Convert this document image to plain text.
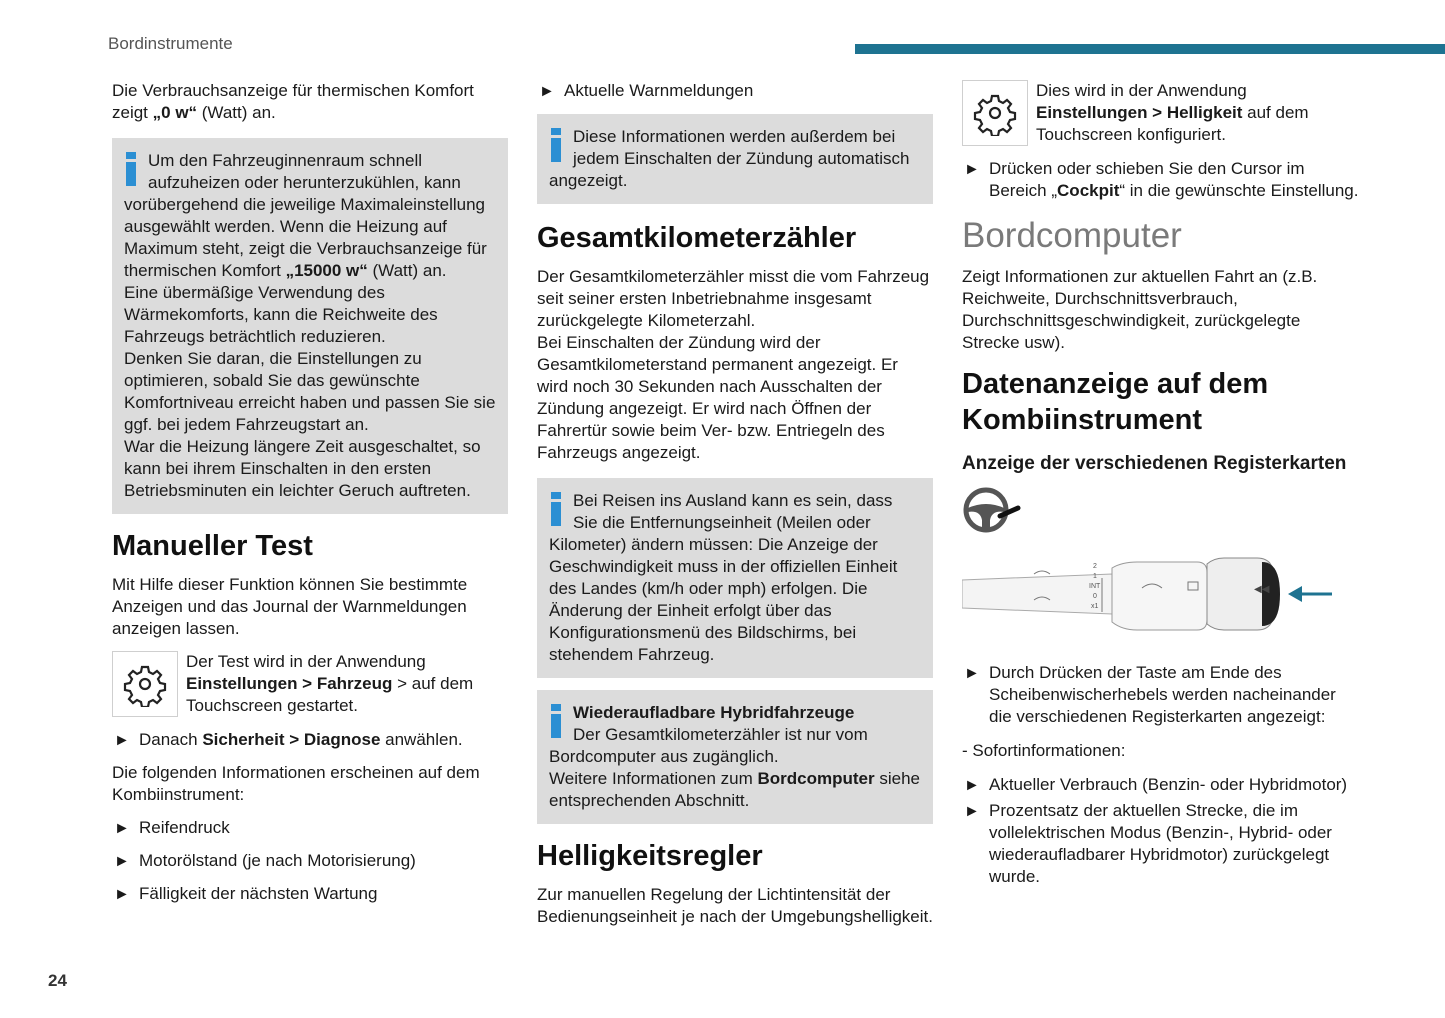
Bordinstrumente

Die Verbrauchsanzeige für thermischen Komfort zeigt „0 w“ (Watt) an.

Um den Fahrzeuginnenraum schnell aufzuheizen oder herunterzukühlen, kann vorübergehend die jeweilige Maximaleinstellung ausgewählt werden. Wenn die Heizung auf Maximum steht, zeigt die Verbrauchsanzeige für thermischen Komfort „15000 w“ (Watt) an.

Eine übermäßige Verwendung des Wärmekomforts, kann die Reichweite des Fahrzeugs beträchtlich reduzieren.

Denken Sie daran, die Einstellungen zu optimieren, sobald Sie das gewünschte Komfortniveau erreicht haben und passen Sie sie ggf. bei jedem Fahrzeugstart an.

War die Heizung längere Zeit ausgeschaltet, so kann bei ihrem Einschalten in den ersten Betriebsminuten ein leichter Geruch auftreten.

Manueller Test

Mit Hilfe dieser Funktion können Sie bestimmte Anzeigen und das Journal der Warnmeldungen anzeigen lassen.

Der Test wird in der Anwendung Einstellungen > Fahrzeug > auf dem Touchscreen gestartet.

► Danach Sicherheit > Diagnose anwählen.

Die folgenden Informationen erscheinen auf dem Kombiinstrument:

► Reifendruck
► Motorölstand (je nach Motorisierung)
► Fälligkeit der nächsten Wartung
► Aktuelle Warnmeldungen

Diese Informationen werden außerdem bei jedem Einschalten der Zündung automatisch angezeigt.

Gesamtkilometerzähler

Der Gesamtkilometerzähler misst die vom Fahrzeug seit seiner ersten Inbetriebnahme insgesamt zurückgelegte Kilometerzahl.

Bei Einschalten der Zündung wird der Gesamtkilometerstand permanent angezeigt. Er wird noch 30 Sekunden nach Ausschalten der Zündung angezeigt. Er wird nach Öffnen der Fahrertür sowie beim Ver- bzw. Entriegeln des Fahrzeugs angezeigt.

Bei Reisen ins Ausland kann es sein, dass Sie die Entfernungseinheit (Meilen oder Kilometer) ändern müssen: Die Anzeige der Geschwindigkeit muss in der offiziellen Einheit des Landes (km/h oder mph) erfolgen. Die Änderung der Einheit erfolgt über das Konfigurationsmenü des Bildschirms, bei stehendem Fahrzeug.

Wiederaufladbare Hybridfahrzeuge

Der Gesamtkilometerzähler ist nur vom Bordcomputer aus zugänglich.

Weitere Informationen zum Bordcomputer siehe entsprechenden Abschnitt.

Helligkeitsregler

Zur manuellen Regelung der Lichtintensität der Bedienungseinheit je nach der Umgebungshelligkeit.

Dies wird in der Anwendung Einstellungen > Helligkeit auf dem Touchscreen konfiguriert.

► Drücken oder schieben Sie den Cursor im Bereich „Cockpit“ in die gewünschte Einstellung.
Bordcomputer

Zeigt Informationen zur aktuellen Fahrt an (z.B. Reichweite, Durchschnittsverbrauch, Durchschnittsgeschwindigkeit, zurückgelegte Strecke usw).

Datenanzeige auf dem Kombiinstrument
Anzeige der verschiedenen Registerkarten
◀◀
2
1
INT
0
x1
► Durch Drücken der Taste am Ende des Scheibenwischerhebels werden nacheinander die verschiedenen Registerkarten angezeigt:

- Sofortinformationen:

► Aktueller Verbrauch (Benzin- oder Hybridmotor)
► Prozentsatz der aktuellen Strecke, die im vollelektrischen Modus (Benzin-, Hybrid- oder wiederaufladbarer Hybridmotor) zurückgelegt wurde.
24
